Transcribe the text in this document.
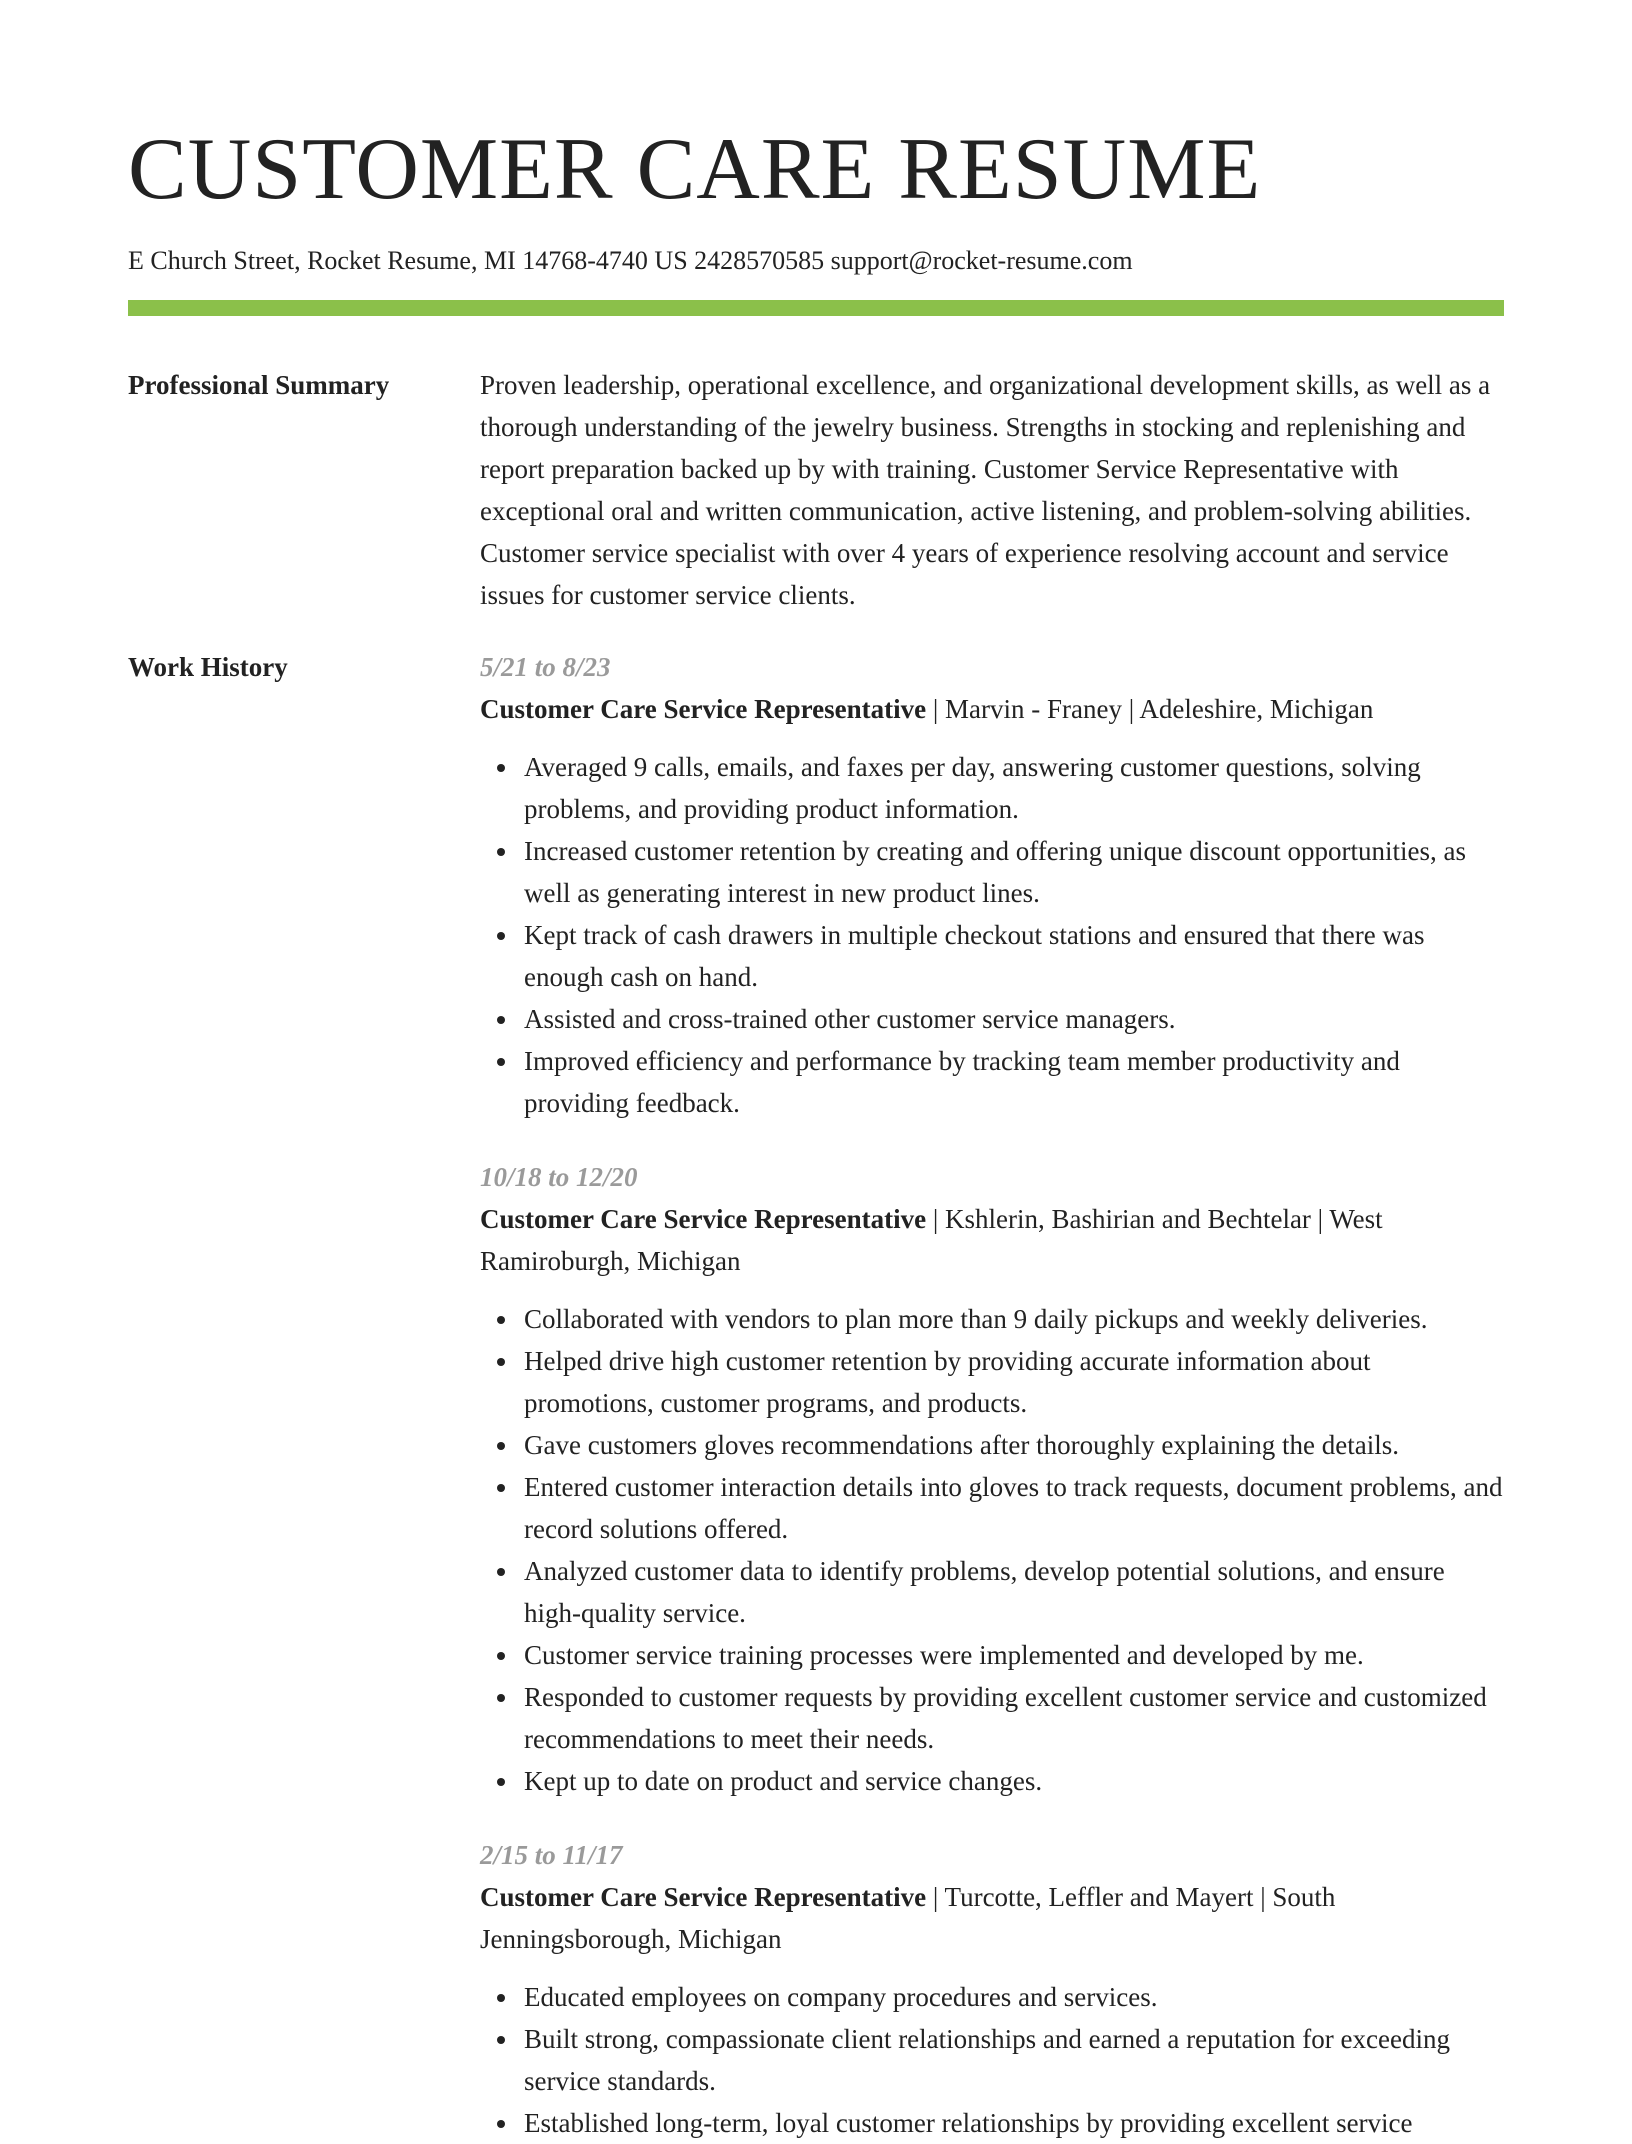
CUSTOMER CARE RESUME
E Church Street, Rocket Resume, MI 14768-4740 US 2428570585 support@rocket-resume.com
Professional Summary	Proven leadership, operational excellence, and organizational development skills, as well as a thorough understanding of the jewelry business. Strengths in stocking and replenishing and report preparation backed up by with training. Customer Service Representative with exceptional oral and written communication, active listening, and problem-solving abilities. Customer service specialist with over 4 years of experience resolving account and service issues for customer service clients.
Work History	5/21 to 8/23
Customer Care Service Representative | Marvin - Franey | Adeleshire, Michigan
Averaged 9 calls, emails, and faxes per day, answering customer questions, solving problems, and providing product information.
Increased customer retention by creating and offering unique discount opportunities, as well as generating interest in new product lines.
Kept track of cash drawers in multiple checkout stations and ensured that there was enough cash on hand.
Assisted and cross-trained other customer service managers.
Improved efficiency and performance by tracking team member productivity and providing feedback.
10/18 to 12/20
Customer Care Service Representative | Kshlerin, Bashirian and Bechtelar | West Ramiroburgh, Michigan
Collaborated with vendors to plan more than 9 daily pickups and weekly deliveries.
Helped drive high customer retention by providing accurate information about promotions, customer programs, and products.
Gave customers gloves recommendations after thoroughly explaining the details.
Entered customer interaction details into gloves to track requests, document problems, and record solutions offered.
Analyzed customer data to identify problems, develop potential solutions, and ensure high-quality service.
Customer service training processes were implemented and developed by me.
Responded to customer requests by providing excellent customer service and customized recommendations to meet their needs.
Kept up to date on product and service changes.
2/15 to 11/17
Customer Care Service Representative | Turcotte, Leffler and Mayert | South Jenningsborough, Michigan
Educated employees on company procedures and services.
Built strong, compassionate client relationships and earned a reputation for exceeding service standards.
Established long-term, loyal customer relationships by providing excellent service
